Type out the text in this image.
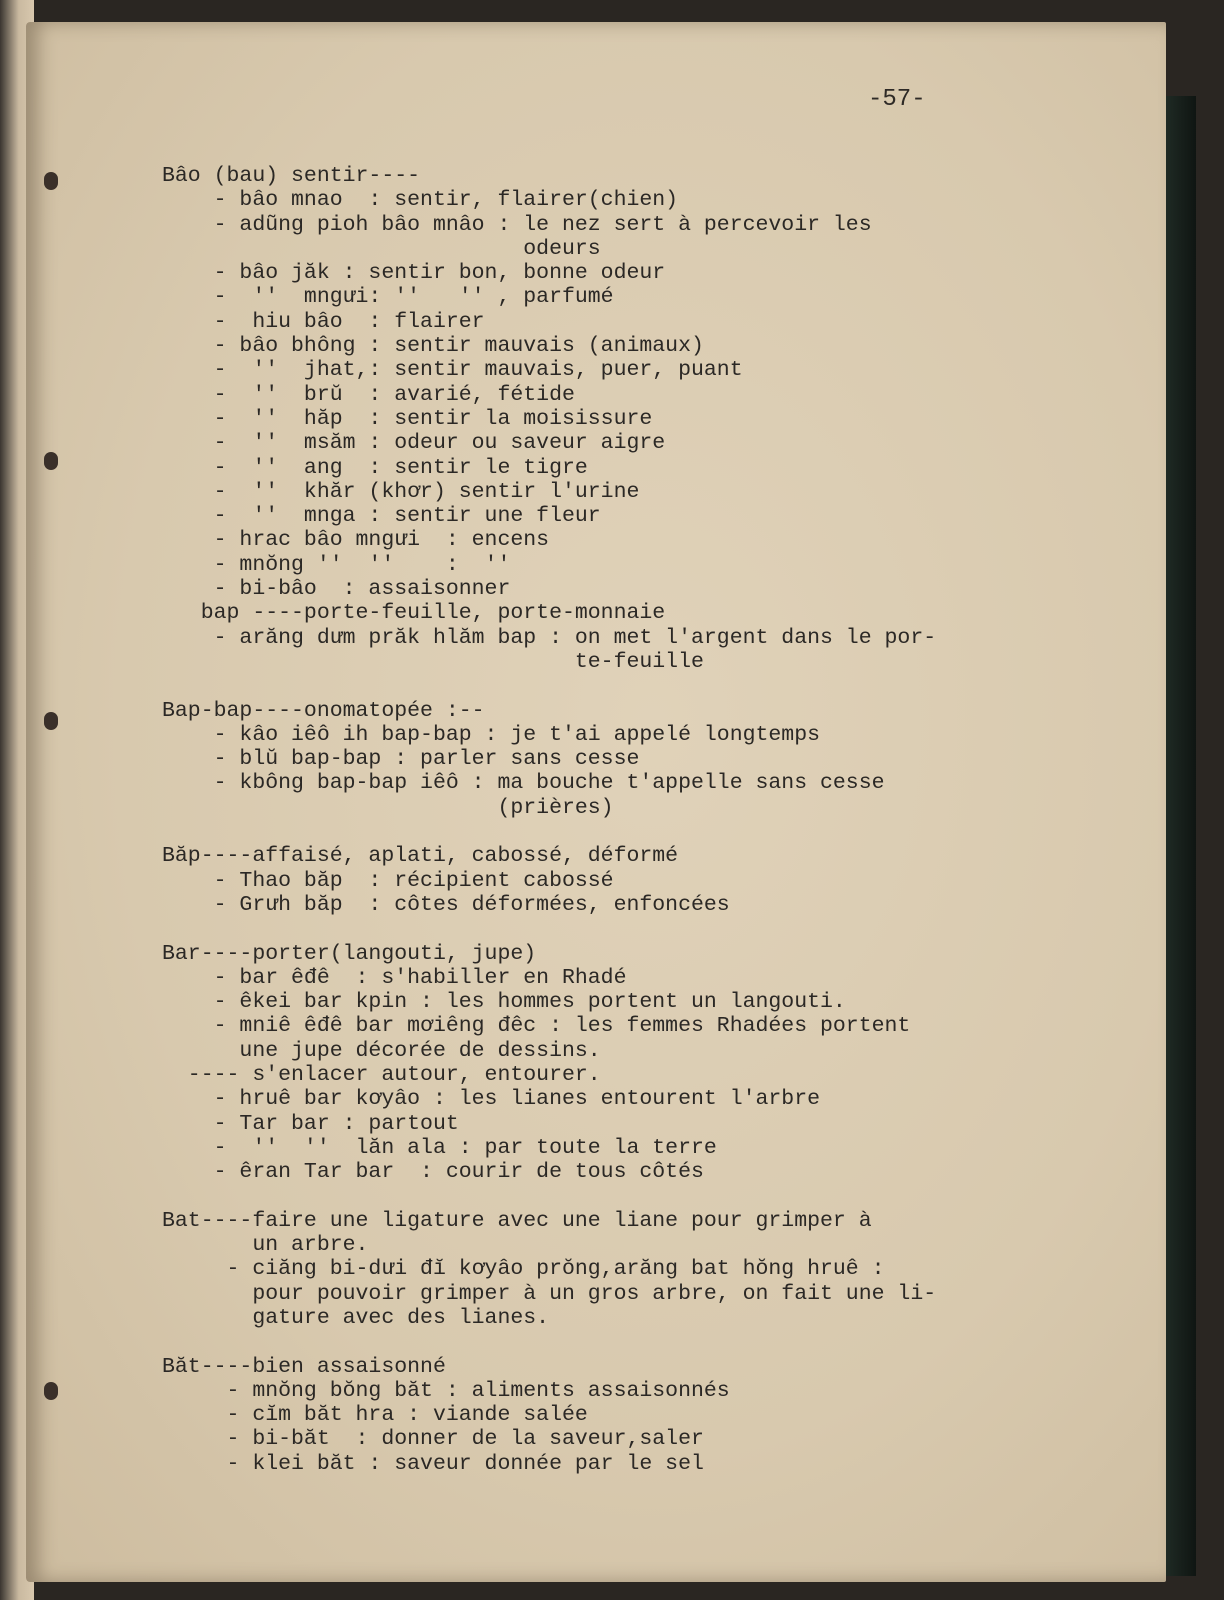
-57-
Bâo (bau) sentir----
- bâo mnao  : sentir, flairer(chien)
- adũng pioh bâo mnâo : le nez sert à percevoir les
odeurs
- bâo jăk : sentir bon, bonne odeur
-  ''  mngưi: ''   '' , parfumé
-  hiu bâo  : flairer
- bâo bhông : sentir mauvais (animaux)
-  ''  jhat,: sentir mauvais, puer, puant
-  ''  brŭ  : avarié, fétide
-  ''  hăp  : sentir la moisissure
-  ''  msăm : odeur ou saveur aigre
-  ''  ang  : sentir le tigre
-  ''  khăr (khơr) sentir l'urine
-  ''  mnga : sentir une fleur
- hrac bâo mngưi  : encens
- mnŏng ''  ''    :  ''
- bi-bâo  : assaisonner
bap ----porte-feuille, porte-monnaie
- arăng dưm prăk hlăm bap : on met l'argent dans le por-
te-feuille
Bap-bap----onomatopée :--
- kâo iêô ih bap-bap : je t'ai appelé longtemps
- blŭ bap-bap : parler sans cesse
- kbông bap-bap iêô : ma bouche t'appelle sans cesse
(prières)
Băp----affaisé, aplati, cabossé, déformé
- Thao băp  : récipient cabossé
- Grưh băp  : côtes déformées, enfoncées
Bar----porter(langouti, jupe)
- bar êđê  : s'habiller en Rhadé
- êkei bar kpin : les hommes portent un langouti.
- mniê êđê bar mơiêng đêc : les femmes Rhadées portent
une jupe décorée de dessins.
---- s'enlacer autour, entourer.
- hruê bar kơyâo : les lianes entourent l'arbre
- Tar bar : partout
-  ''  ''  lăn ala : par toute la terre
- êran Tar bar  : courir de tous côtés
Bat----faire une ligature avec une liane pour grimper à
un arbre.
- ciăng bi-dưi đĭ kơyâo prŏng,arăng bat hŏng hruê :
pour pouvoir grimper à un gros arbre, on fait une li-
gature avec des lianes.
Băt----bien assaisonné
- mnŏng bŏng băt : aliments assaisonnés
- cĭm băt hra : viande salée
- bi-băt  : donner de la saveur,saler
- klei băt : saveur donnée par le sel
